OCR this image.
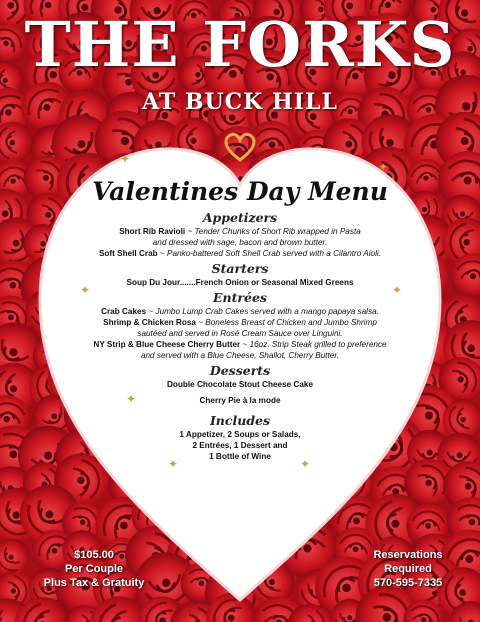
✦
✦
✦	✦
✦
✦	✦
THE FORKS
AT BUCK HILL
Valentines Day Menu
Appetizers
Short Rib Ravioli ~ Tender Chunks of Short Rib wrapped in Pasta
and dressed with sage, bacon and brown butter.
Soft Shell Crab ~ Panko-battered Soft Shell Crab served with a Cilantro Aioli.
Starters
Soup Du Jour.......French Onion or Seasonal Mixed Greens
Entrées
Crab Cakes ~ Jumbo Lump Crab Cakes served with a mango papaya salsa.
Shrimp & Chicken Rosa ~ Boneless Breast of Chicken and Jumbo Shrimp
sautéed and served in Rosé Cream Sauce over Linguini.
NY Strip & Blue Cheese Cherry Butter ~ 16oz. Strip Steak grilled to preference
and served with a Blue Cheese, Shallot, Cherry Butter.
Desserts
Double Chocolate Stout Cheese Cake
Cherry Pie à la mode
Includes
1 Appetizer, 2 Soups or Salads,
2 Entrées, 1 Dessert and
1 Bottle of Wine
$105.00
Per Couple
Plus Tax & Gratuity
Reservations
Required
570-595-7335
